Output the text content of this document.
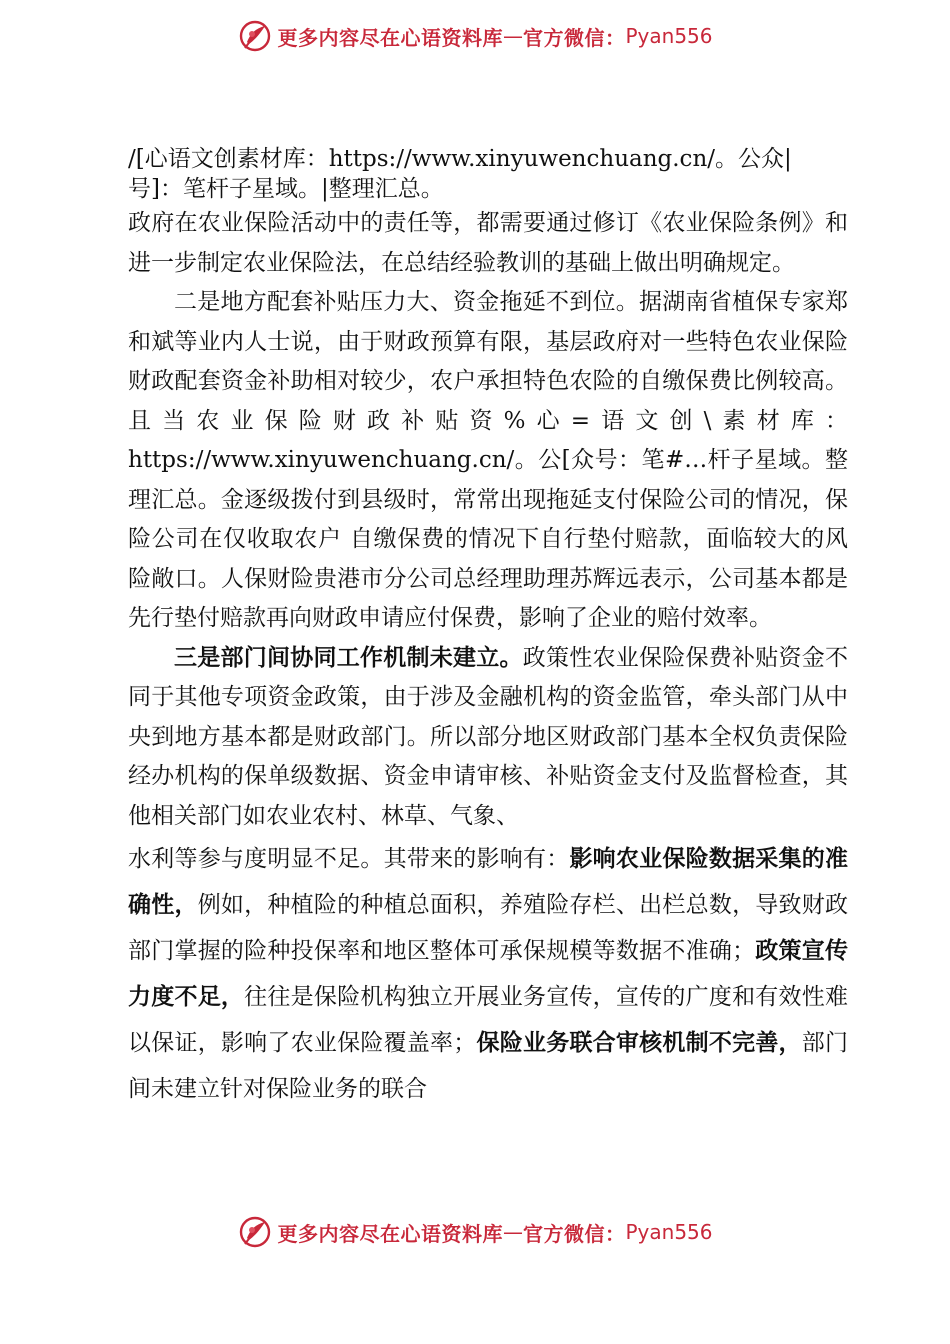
更多内容尽在心语资料库 — 官方微信： Pyan556

/[心语文创素材库：https://www.xinyuwenchuang.cn/。公众|

号]：笔杆子星域。|整理汇总。

政府在农业保险活动中的责任等，都需要通过修订《农业保险条例》和进一步制定农业保险法，在总结经验教训的基础上做出明确规定。

二是地方配套补贴压力大、资金拖延不到位。据湖南省植保专家郑和斌等业内人士说，由于财政预算有限，基层政府对一些特色农业保险财政配套资金补助相对较少，农户承担特色农险的自缴保费比例较高。且当农业保险财政补贴资%心=语文创\素材库：https://www.xinyuwenchuang.cn/。公[众号：笔#…杆子星域。整理汇总。金逐级拨付到县级时，常常出现拖延支付保险公司的情况，保险公司在仅收取农户 自缴保费的情况下自行垫付赔款，面临较大的风险敞口。人保财险贵港市分公司总经理助理苏辉远表示，公司基本都是先行垫付赔款再向财政申请应付保费，影响了企业的赔付效率。

三是部门间协同工作机制未建立。政策性农业保险保费补贴资金不同于其他专项资金政策，由于涉及金融机构的资金监管，牵头部门从中央到地方基本都是财政部门。所以部分地区财政部门基本全权负责保险经办机构的保单级数据、资金申请审核、补贴资金支付及监督检查，其他相关部门如农业农村、林草、气象、

水利等参与度明显不足。其带来的影响有：影响农业保险数据采集的准确性，例如，种植险的种植总面积，养殖险存栏、出栏总数，导致财政部门掌握的险种投保率和地区整体可承保规模等数据不准确；政策宣传力度不足，往往是保险机构独立开展业务宣传，宣传的广度和有效性难以保证，影响了农业保险覆盖率；保险业务联合审核机制不完善，部门间未建立针对保险业务的联合

更多内容尽在心语资料库 — 官方微信： Pyan556
